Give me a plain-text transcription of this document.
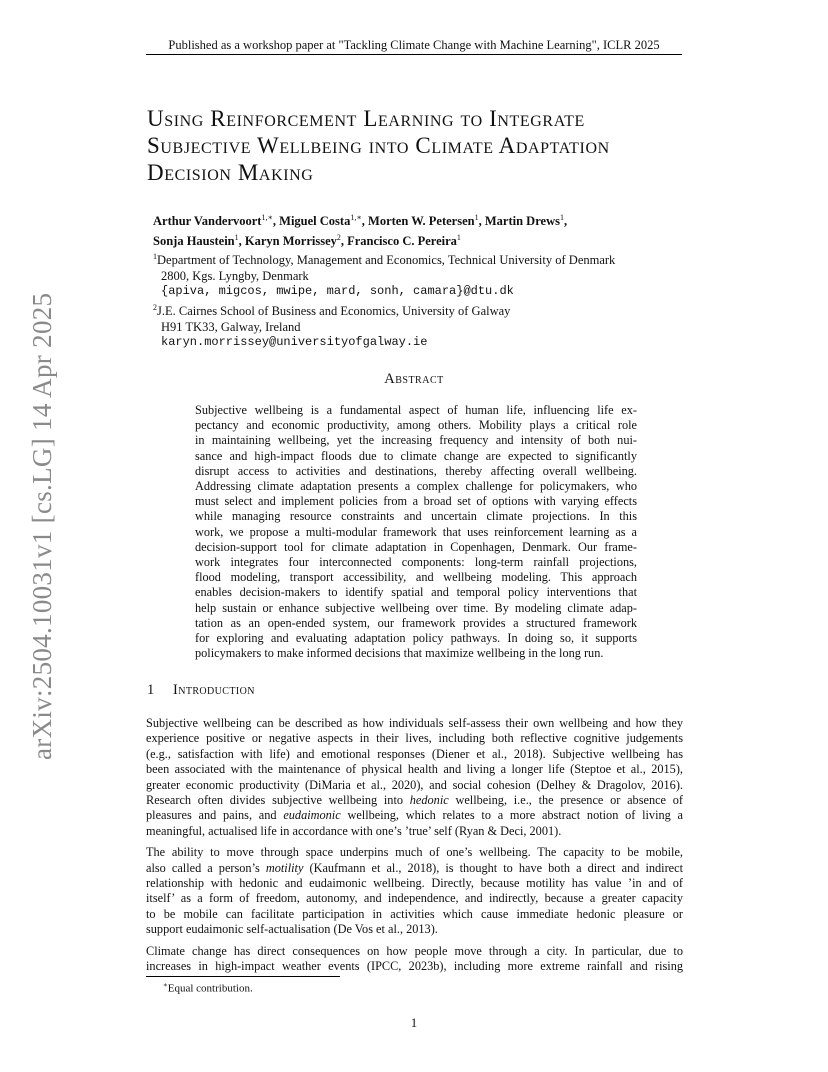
Published as a workshop paper at "Tackling Climate Change with Machine Learning", ICLR 2025
arXiv:2504.10031v1 [cs.LG] 14 Apr 2025
Using Reinforcement Learning to Integrate
Subjective Wellbeing into Climate Adaptation
Decision Making
Arthur Vandervoort$^{1,∗}$, Miguel Costa$^{1,∗}$, Morten W. Petersen$^1$, Martin Drews$^1$,
Sonja Haustein$^1$, Karyn Morrissey$^2$, Francisco C. Pereira$^1$
$^1$Department of Technology, Management and Economics, Technical University of Denmark
2800, Kgs. Lyngby, Denmark
{apiva, migcos, mwipe, mard, sonh, camara}@dtu.dk
$^2$J.E. Cairnes School of Business and Economics, University of Galway
H91 TK33, Galway, Ireland
karyn.morrissey@universityofgalway.ie
Abstract
Subjective wellbeing is a fundamental aspect of human life, influencing life ex-
pectancy and economic productivity, among others. Mobility plays a critical role
in maintaining wellbeing, yet the increasing frequency and intensity of both nui-
sance and high-impact floods due to climate change are expected to significantly
disrupt access to activities and destinations, thereby affecting overall wellbeing.
Addressing climate adaptation presents a complex challenge for policymakers, who
must select and implement policies from a broad set of options with varying effects
while managing resource constraints and uncertain climate projections. In this
work, we propose a multi-modular framework that uses reinforcement learning as a
decision-support tool for climate adaptation in Copenhagen, Denmark. Our frame-
work integrates four interconnected components: long-term rainfall projections,
flood modeling, transport accessibility, and wellbeing modeling. This approach
enables decision-makers to identify spatial and temporal policy interventions that
help sustain or enhance subjective wellbeing over time. By modeling climate adap-
tation as an open-ended system, our framework provides a structured framework
for exploring and evaluating adaptation policy pathways. In doing so, it supports
policymakers to make informed decisions that maximize wellbeing in the long run.
1 Introduction
Subjective wellbeing can be described as how individuals self-assess their own wellbeing and how they
experience positive or negative aspects in their lives, including both reflective cognitive judgements
(e.g., satisfaction with life) and emotional responses (Diener et al., 2018). Subjective wellbeing has
been associated with the maintenance of physical health and living a longer life (Steptoe et al., 2015),
greater economic productivity (DiMaria et al., 2020), and social cohesion (Delhey & Dragolov, 2016).
Research often divides subjective wellbeing into hedonic wellbeing, i.e., the presence or absence of
pleasures and pains, and eudaimonic wellbeing, which relates to a more abstract notion of living a
meaningful, actualised life in accordance with one’s ’true’ self (Ryan & Deci, 2001).
The ability to move through space underpins much of one’s wellbeing. The capacity to be mobile,
also called a person’s motility (Kaufmann et al., 2018), is thought to have both a direct and indirect
relationship with hedonic and eudaimonic wellbeing. Directly, because motility has value ’in and of
itself’ as a form of freedom, autonomy, and independence, and indirectly, because a greater capacity
to be mobile can facilitate participation in activities which cause immediate hedonic pleasure or
support eudaimonic self-actualisation (De Vos et al., 2013).
Climate change has direct consequences on how people move through a city. In particular, due to
increases in high-impact weather events (IPCC, 2023b), including more extreme rainfall and rising
∗Equal contribution.
1
